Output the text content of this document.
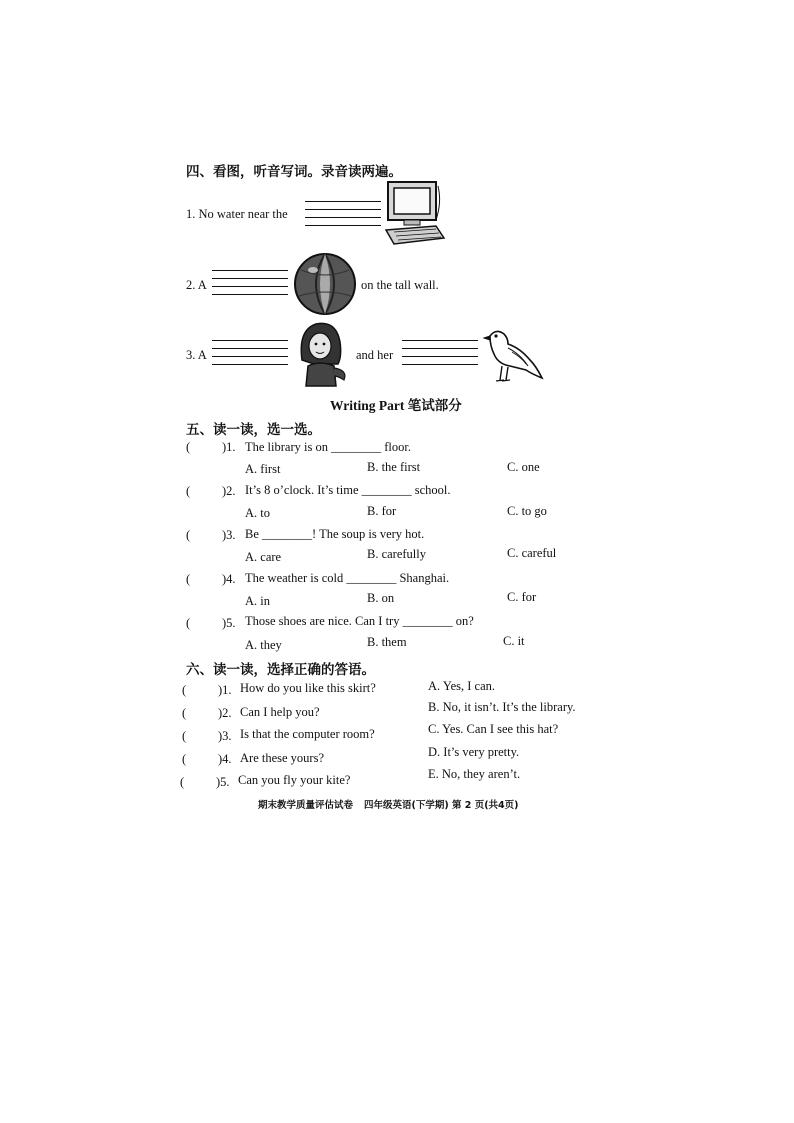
四、看图，听音写词。录音读两遍。
1. No water near the
2. A	on the tall wall.
3. A	and her
Writing Part 笔试部分
五、读一读，选一选。
(	)1. The library is on ________ floor.
A. first	B. the first	C. one
(	)2. It’s 8 o’clock. It’s time ________ school.
A. to	B. for	C. to go
(	)3. Be ________! The soup is very hot.
A. care	B. carefully	C. careful
(	)4. The weather is cold ________ Shanghai.
A. in	B. on	C. for
(	)5. Those shoes are nice. Can I try ________ on?
A. they	B. them	C. it
六、读一读，选择正确的答语。
(	)1. How do you like this skirt?	A. Yes, I can.
(	)2. Can I help you?	B. No, it isn’t. It’s the library.
(	)3. Is that the computer room?	C. Yes. Can I see this hat?
(	)4. Are these yours?	D. It’s very pretty.
(	)5. Can you fly your kite?	E. No, they aren’t.
期末教学质量评估试卷 四年级英语(下学期) 第 2 页(共4页)
